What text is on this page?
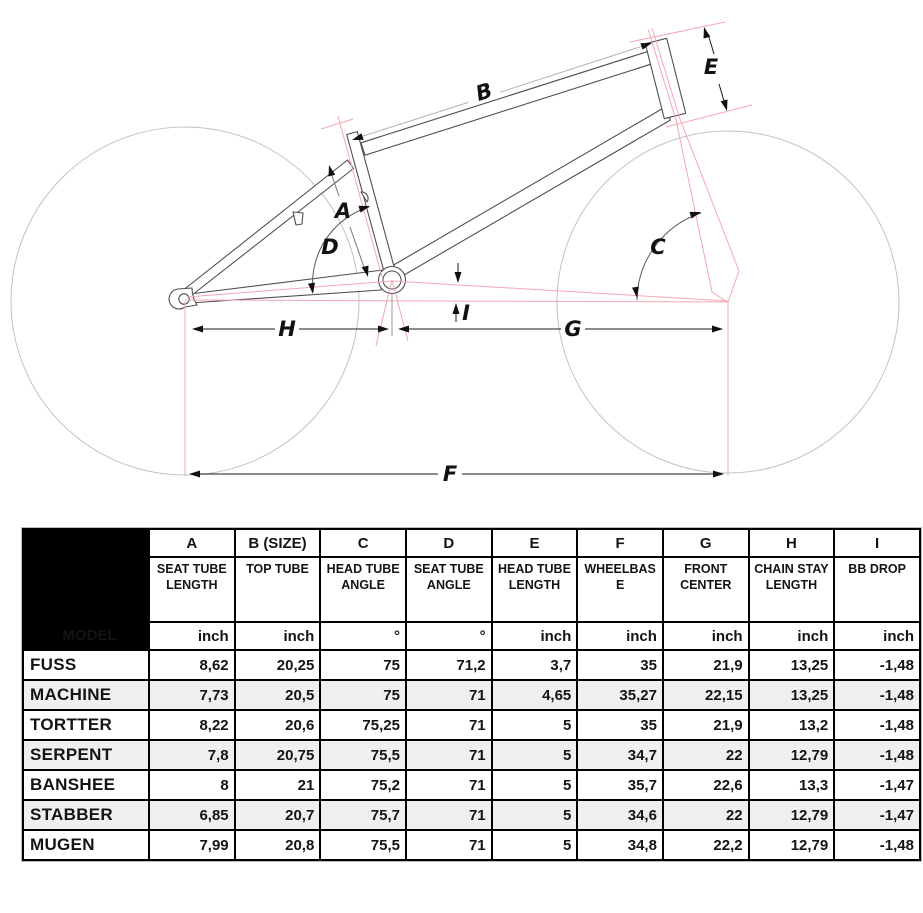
A
B
C
D
E
F
G
H
I
MODEL	A	B (SIZE)	C	D	E	F	G	H	I
	SEAT TUBE LENGTH	TOP TUBE	HEAD TUBE ANGLE	SEAT TUBE ANGLE	HEAD TUBE LENGTH	WHEELBASE	FRONT CENTER	CHAIN STAY LENGTH	BB DROP
	inch	inch	°	°	inch	inch	inch	inch	inch
FUSS	8,62	20,25	75	71,2	3,7	35	21,9	13,25	-1,48
MACHINE	7,73	20,5	75	71	4,65	35,27	22,15	13,25	-1,48
TORTTER	8,22	20,6	75,25	71	5	35	21,9	13,2	-1,48
SERPENT	7,8	20,75	75,5	71	5	34,7	22	12,79	-1,48
BANSHEE	8	21	75,2	71	5	35,7	22,6	13,3	-1,47
STABBER	6,85	20,7	75,7	71	5	34,6	22	12,79	-1,47
MUGEN	7,99	20,8	75,5	71	5	34,8	22,2	12,79	-1,48
